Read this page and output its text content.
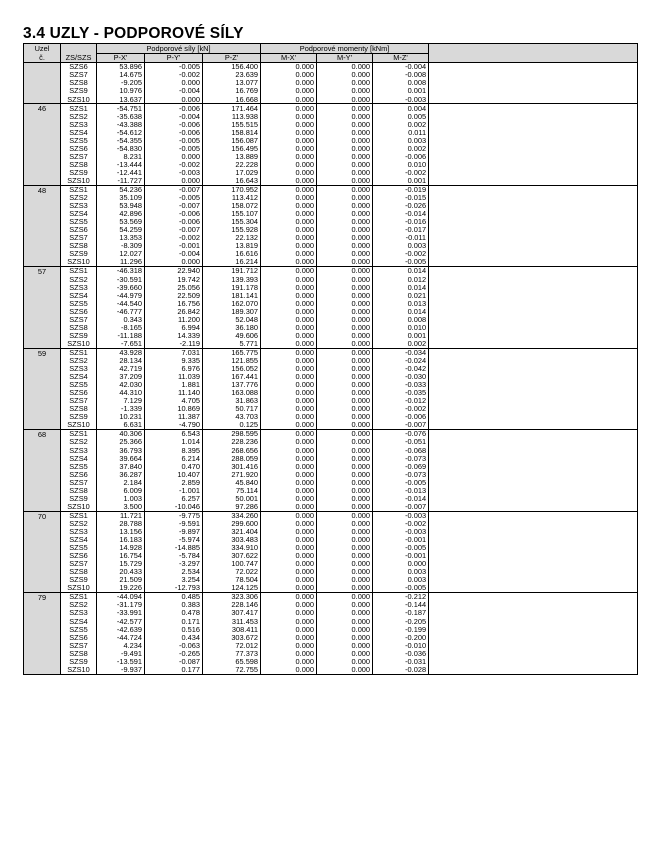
3.4 UZLY - PODPOROVÉ SÍLY
Uzel		Podporové síly [kN]			Podporové momenty [kNm]			
č.	ZS/SZS	P-X'	P-Y'	P-Z'	M-X'	M-Y'	M-Z'	
	SZS6	53.896	-0.005	156.400	0.000	0.000	-0.004	
	SZS7	14.675	-0.002	23.639	0.000	0.000	-0.008	
	SZS8	-9.205	0.000	13.077	0.000	0.000	0.008	
	SZS9	10.976	-0.004	16.769	0.000	0.000	0.001	
	SZS10	13.637	0.000	16.668	0.000	0.000	-0.003	
46	SZS1	-54.751	-0.006	171.464	0.000	0.000	0.004	
	SZS2	-35.638	-0.004	113.938	0.000	0.000	0.005	
	SZS3	-43.388	-0.006	155.515	0.000	0.000	0.002	
	SZS4	-54.612	-0.006	158.814	0.000	0.000	0.011	
	SZS5	-54.355	-0.005	156.087	0.000	0.000	0.003	
	SZS6	-54.830	-0.005	156.495	0.000	0.000	0.002	
	SZS7	8.231	0.000	13.889	0.000	0.000	-0.006	
	SZS8	-13.444	-0.002	22.228	0.000	0.000	0.010	
	SZS9	-12.441	-0.003	17.029	0.000	0.000	-0.002	
	SZS10	-11.727	0.000	16.643	0.000	0.000	0.001	
48	SZS1	54.236	-0.007	170.952	0.000	0.000	-0.019	
	SZS2	35.109	-0.005	113.412	0.000	0.000	-0.015	
	SZS3	53.948	-0.007	158.072	0.000	0.000	-0.026	
	SZS4	42.896	-0.006	155.107	0.000	0.000	-0.014	
	SZS5	53.569	-0.006	155.304	0.000	0.000	-0.016	
	SZS6	54.259	-0.007	155.928	0.000	0.000	-0.017	
	SZS7	13.353	-0.002	22.132	0.000	0.000	-0.011	
	SZS8	-8.309	-0.001	13.819	0.000	0.000	0.003	
	SZS9	12.027	-0.004	16.616	0.000	0.000	-0.002	
	SZS10	11.296	0.000	16.214	0.000	0.000	-0.005	
57	SZS1	-46.318	22.940	191.712	0.000	0.000	0.014	
	SZS2	-30.591	19.742	139.393	0.000	0.000	0.012	
	SZS3	-39.660	25.056	191.178	0.000	0.000	0.014	
	SZS4	-44.979	22.509	181.141	0.000	0.000	0.021	
	SZS5	-44.540	16.756	162.070	0.000	0.000	0.013	
	SZS6	-46.777	26.842	189.307	0.000	0.000	0.014	
	SZS7	0.343	11.200	52.048	0.000	0.000	0.008	
	SZS8	-8.165	6.994	36.180	0.000	0.000	0.010	
	SZS9	-11.188	14.339	49.606	0.000	0.000	0.001	
	SZS10	-7.651	-2.119	5.771	0.000	0.000	0.002	
59	SZS1	43.928	7.031	165.775	0.000	0.000	-0.034	
	SZS2	28.134	9.335	121.855	0.000	0.000	-0.024	
	SZS3	42.719	6.976	156.052	0.000	0.000	-0.042	
	SZS4	37.209	11.039	167.441	0.000	0.000	-0.030	
	SZS5	42.030	1.881	137.776	0.000	0.000	-0.033	
	SZS6	44.310	11.140	163.088	0.000	0.000	-0.035	
	SZS7	7.129	4.705	31.863	0.000	0.000	-0.012	
	SZS8	-1.339	10.869	50.717	0.000	0.000	-0.002	
	SZS9	10.231	11.387	43.703	0.000	0.000	-0.006	
	SZS10	6.631	-4.790	0.125	0.000	0.000	-0.007	
68	SZS1	40.306	6.543	298.595	0.000	0.000	-0.076	
	SZS2	25.366	1.014	228.236	0.000	0.000	-0.051	
	SZS3	36.793	8.395	268.656	0.000	0.000	-0.068	
	SZS4	39.664	6.214	288.059	0.000	0.000	-0.073	
	SZS5	37.840	0.470	301.416	0.000	0.000	-0.069	
	SZS6	36.287	10.407	271.920	0.000	0.000	-0.073	
	SZS7	2.184	2.859	45.840	0.000	0.000	-0.005	
	SZS8	6.009	-1.001	75.114	0.000	0.000	-0.013	
	SZS9	1.003	6.257	50.001	0.000	0.000	-0.014	
	SZS10	3.500	-10.046	97.286	0.000	0.000	-0.007	
70	SZS1	11.721	-9.775	334.260	0.000	0.000	-0.003	
	SZS2	28.788	-9.591	299.600	0.000	0.000	-0.002	
	SZS3	13.156	-9.897	321.404	0.000	0.000	-0.003	
	SZS4	16.183	-5.974	303.483	0.000	0.000	-0.001	
	SZS5	14.928	-14.885	334.910	0.000	0.000	-0.005	
	SZS6	16.754	-5.784	307.622	0.000	0.000	-0.001	
	SZS7	15.729	-3.297	100.747	0.000	0.000	0.000	
	SZS8	20.433	2.534	72.022	0.000	0.000	0.003	
	SZS9	21.509	3.254	78.504	0.000	0.000	0.003	
	SZS10	19.226	-12.793	124.125	0.000	0.000	-0.005	
79	SZS1	-44.094	0.485	323.306	0.000	0.000	-0.212	
	SZS2	-31.179	0.383	228.146	0.000	0.000	-0.144	
	SZS3	-33.991	0.478	307.417	0.000	0.000	-0.187	
	SZS4	-42.577	0.171	311.453	0.000	0.000	-0.205	
	SZS5	-42.639	0.516	308.411	0.000	0.000	-0.199	
	SZS6	-44.724	0.434	303.672	0.000	0.000	-0.200	
	SZS7	4.234	-0.063	72.012	0.000	0.000	-0.010	
	SZS8	-9.491	-0.265	77.373	0.000	0.000	-0.036	
	SZS9	-13.591	-0.087	65.598	0.000	0.000	-0.031	
	SZS10	-9.937	0.177	72.755	0.000	0.000	-0.028	
